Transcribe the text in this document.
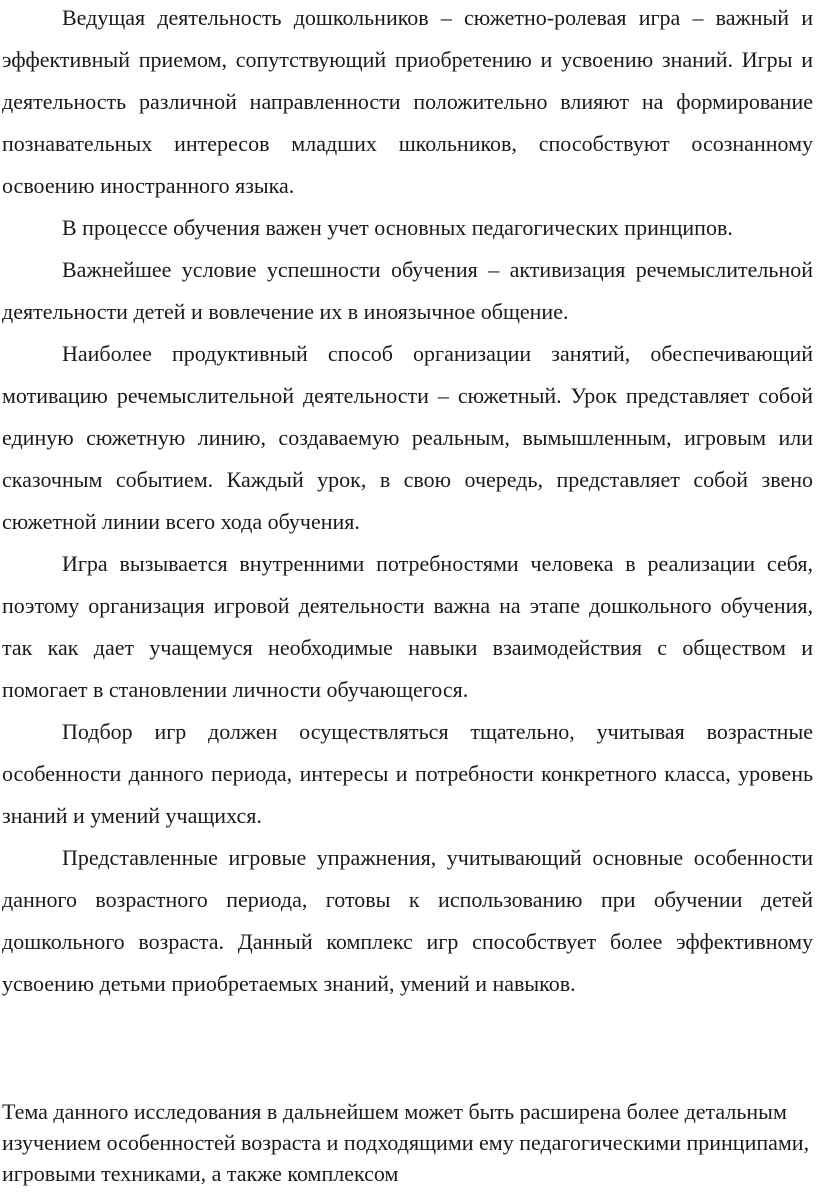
Ведущая деятельность дошкольников – сюжетно-ролевая игра – важный и эффективный приемом, сопутствующий приобретению и усвоению знаний. Игры и деятельность различной направленности положительно влияют на формирование познавательных интересов младших школьников, способствуют осознанному освоению иностранного языка.

В процессе обучения важен учет основных педагогических принципов.

Важнейшее условие успешности обучения – активизация речемыслительной деятельности детей и вовлечение их в иноязычное общение.

Наиболее продуктивный способ организации занятий, обеспечивающий мотивацию речемыслительной деятельности – сюжетный. Урок представляет собой единую сюжетную линию, создаваемую реальным, вымышленным, игровым или сказочным событием. Каждый урок, в свою очередь, представляет собой звено сюжетной линии всего хода обучения.

Игра вызывается внутренними потребностями человека в реализации себя, поэтому организация игровой деятельности важна на этапе дошкольного обучения, так как дает учащемуся необходимые навыки взаимодействия с обществом и помогает в становлении личности обучающегося.

Подбор игр должен осуществляться тщательно, учитывая возрастные особенности данного периода, интересы и потребности конкретного класса, уровень знаний и умений учащихся.

Представленные игровые упражнения, учитывающий основные особенности данного возрастного периода, готовы к использованию при обучении детей дошкольного возраста. Данный комплекс игр способствует более эффективному усвоению детьми приобретаемых знаний, умений и навыков.

Тема данного исследования в дальнейшем может быть расширена более детальным изучением особенностей возраста и подходящими ему педагогическими принципами, игровыми техниками, а также комплексом
